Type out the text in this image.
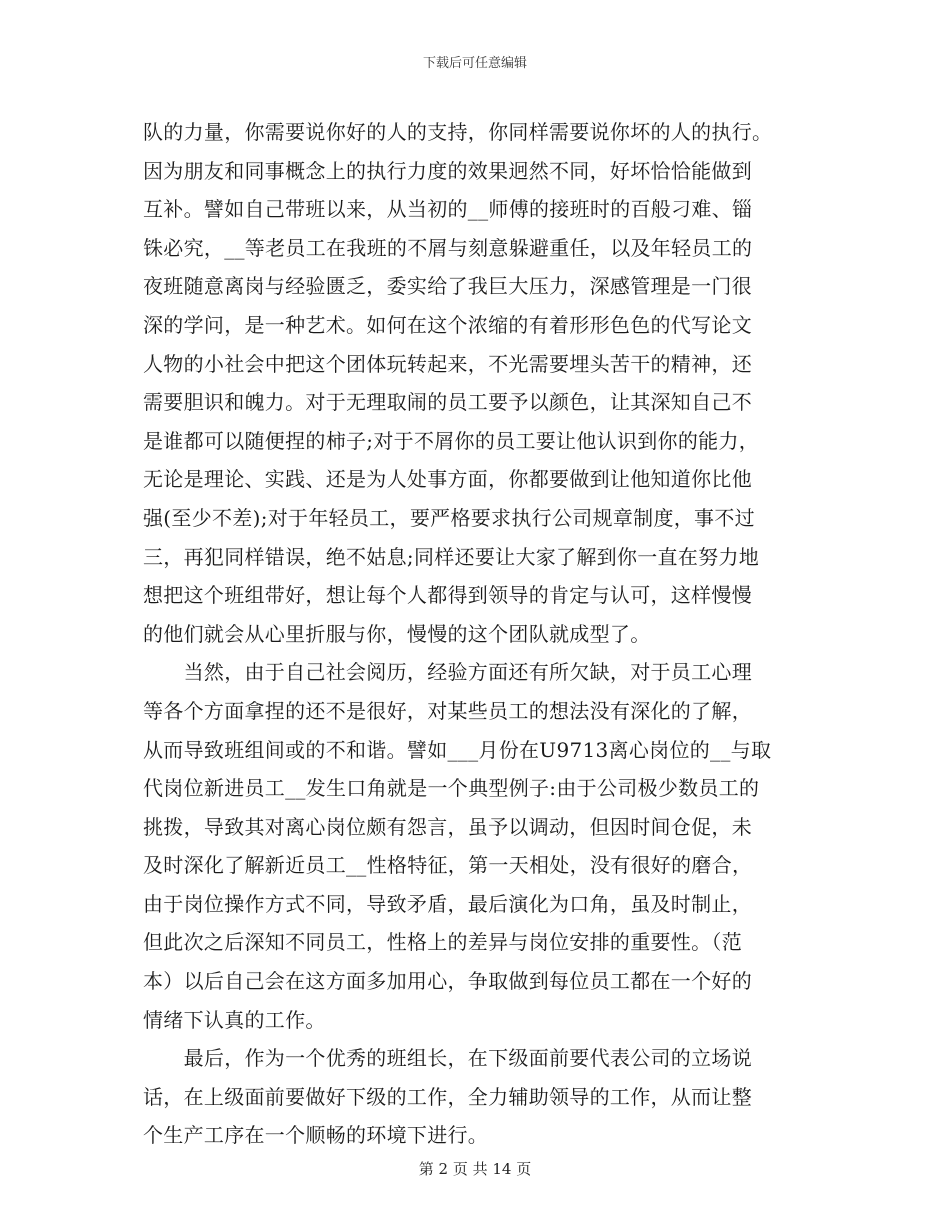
下载后可任意编辑
队的力量，你需要说你好的人的支持，你同样需要说你坏的人的执行。
因为朋友和同事概念上的执行力度的效果迥然不同，好坏恰恰能做到
互补。譬如自己带班以来，从当初的__师傅的接班时的百般刁难、锱
铢必究，__等老员工在我班的不屑与刻意躲避重任，以及年轻员工的
夜班随意离岗与经验匮乏，委实给了我巨大压力，深感管理是一门很
深的学问，是一种艺术。如何在这个浓缩的有着形形色色的代写论文
人物的小社会中把这个团体玩转起来，不光需要埋头苦干的精神，还
需要胆识和魄力。对于无理取闹的员工要予以颜色，让其深知自己不
是谁都可以随便捏的柿子;对于不屑你的员工要让他认识到你的能力，
无论是理论、实践、还是为人处事方面，你都要做到让他知道你比他
强(至少不差);对于年轻员工，要严格要求执行公司规章制度，事不过
三，再犯同样错误，绝不姑息;同样还要让大家了解到你一直在努力地
想把这个班组带好，想让每个人都得到领导的肯定与认可，这样慢慢
的他们就会从心里折服与你，慢慢的这个团队就成型了。
　　当然，由于自己社会阅历，经验方面还有所欠缺，对于员工心理
等各个方面拿捏的还不是很好，对某些员工的想法没有深化的了解，
从而导致班组间或的不和谐。譬如___月份在U9713离心岗位的__与取
代岗位新进员工__发生口角就是一个典型例子:由于公司极少数员工的
挑拨，导致其对离心岗位颇有怨言，虽予以调动，但因时间仓促，未
及时深化了解新近员工__性格特征，第一天相处，没有很好的磨合，
由于岗位操作方式不同，导致矛盾，最后演化为口角，虽及时制止，
但此次之后深知不同员工，性格上的差异与岗位安排的重要性。（范
本）以后自己会在这方面多加用心，争取做到每位员工都在一个好的
情绪下认真的工作。
　　最后，作为一个优秀的班组长，在下级面前要代表公司的立场说
话，在上级面前要做好下级的工作，全力辅助领导的工作，从而让整
个生产工序在一个顺畅的环境下进行。
第 2 页 共 14 页
